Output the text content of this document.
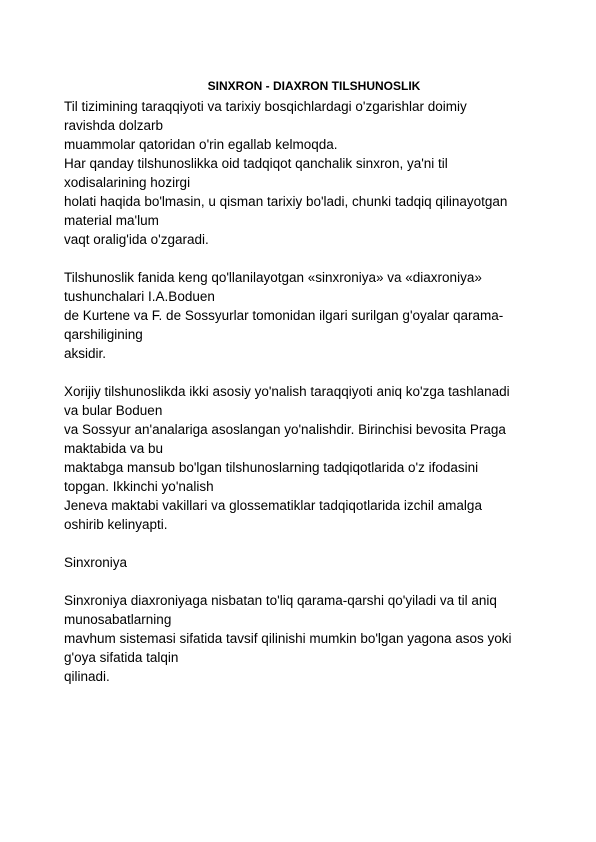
SINXRON - DIAXRON TILSHUNOSLIK
Til tizimining taraqqiyoti va tarixiy bosqichlardagi o'zgarishlar doimiy
ravishda dolzarb
muammolar qatoridan o'rin egallab kelmoqda.
Har qanday tilshunoslikka oid tadqiqot qanchalik sinxron, ya'ni til
xodisalarining hozirgi
holati haqida bo'lmasin, u qisman tarixiy bo'ladi, chunki tadqiq qilinayotgan
material ma'lum
vaqt oralig'ida o'zgaradi.
Tilshunoslik fanida keng qo'llanilayotgan «sinxroniya» va «diaxroniya»
tushunchalari I.A.Boduen
de Kurtene va F. de Sossyurlar tomonidan ilgari surilgan g'oyalar qarama-
qarshiligining
aksidir.
Xorijiy tilshunoslikda ikki asosiy yo'nalish taraqqiyoti aniq ko'zga tashlanadi
va bular Boduen
va Sossyur an'analariga asoslangan yo'nalishdir. Birinchisi bevosita Praga
maktabida va bu
maktabga mansub bo'lgan tilshunoslarning tadqiqotlarida o'z ifodasini
topgan. Ikkinchi yo'nalish
Jeneva maktabi vakillari va glossematiklar tadqiqotlarida izchil amalga
oshirib kelinyapti.
Sinxroniya
Sinxroniya diaxroniyaga nisbatan to'liq qarama-qarshi qo'yiladi va til aniq
munosabatlarning
mavhum sistemasi sifatida tavsif qilinishi mumkin bo'lgan yagona asos yoki
g'oya sifatida talqin
qilinadi.
